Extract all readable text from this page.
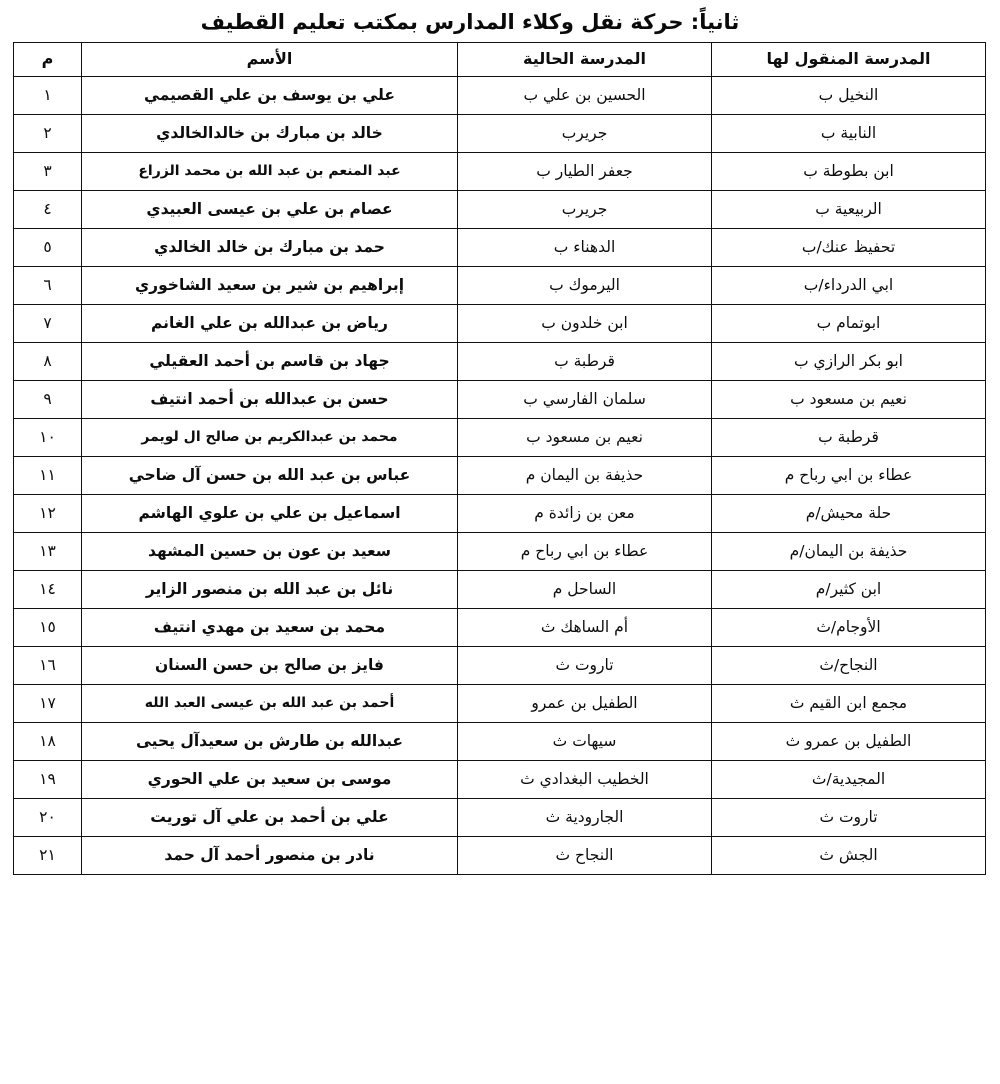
ثانياً: حركة نقل وكلاء المدارس بمكتب تعليم القطيف
المدرسة المنقول لها	المدرسة الحالية	الأسم	م
النخيل ب	الحسين بن علي ب	علي بن يوسف بن علي القصيمي	١
النابية ب	جريرب	خالد بن مبارك بن خالدالخالدي	٢
ابن بطوطة ب	جعفر الطيار ب	عبد المنعم بن عبد الله بن محمد الزراع	٣
الربيعية ب	جريرب	عصام بن علي بن عيسى العبيدي	٤
تحفيظ عنك/ب	الدهناء ب	حمد بن مبارك بن خالد الخالدي	٥
ابي الدرداء/ب	اليرموك ب	إبراهيم بن شير بن سعيد الشاخوري	٦
ابوتمام ب	ابن خلدون ب	رياض بن عبدالله بن علي الغانم	٧
ابو بكر الرازي ب	قرطبة ب	جهاد بن قاسم بن أحمد العقيلي	٨
نعيم بن مسعود ب	سلمان الفارسي ب	حسن بن عبدالله بن أحمد انتيف	٩
قرطبة ب	نعيم بن مسعود ب	محمد بن عبدالكريم بن صالح ال لويمر	١٠
عطاء بن ابي رباح م	حذيفة بن اليمان م	عباس بن عبد الله بن حسن آل ضاحي	١١
حلة محيش/م	معن بن زائدة م	اسماعيل بن علي بن علوي الهاشم	١٢
حذيفة بن اليمان/م	عطاء بن ابي رباح م	سعيد بن عون بن حسين المشهد	١٣
ابن كثير/م	الساحل م	نائل بن عبد الله بن منصور الزاير	١٤
الأوجام/ث	أم الساهك ث	محمد بن سعيد بن مهدي انتيف	١٥
النجاح/ث	تاروت ث	فايز بن صالح بن حسن السنان	١٦
مجمع ابن القيم ث	الطفيل بن عمرو	أحمد بن عبد الله بن عيسى العبد الله	١٧
الطفيل بن عمرو ث	سيهات ث	عبدالله بن طارش بن سعيدآل يحيى	١٨
المجيدية/ث	الخطيب البغدادي ث	موسى بن سعيد بن علي الحوري	١٩
تاروت ث	الجارودية ث	علي بن أحمد بن علي آل توريت	٢٠
الجش ث	النجاح ث	نادر بن منصور أحمد آل حمد	٢١
